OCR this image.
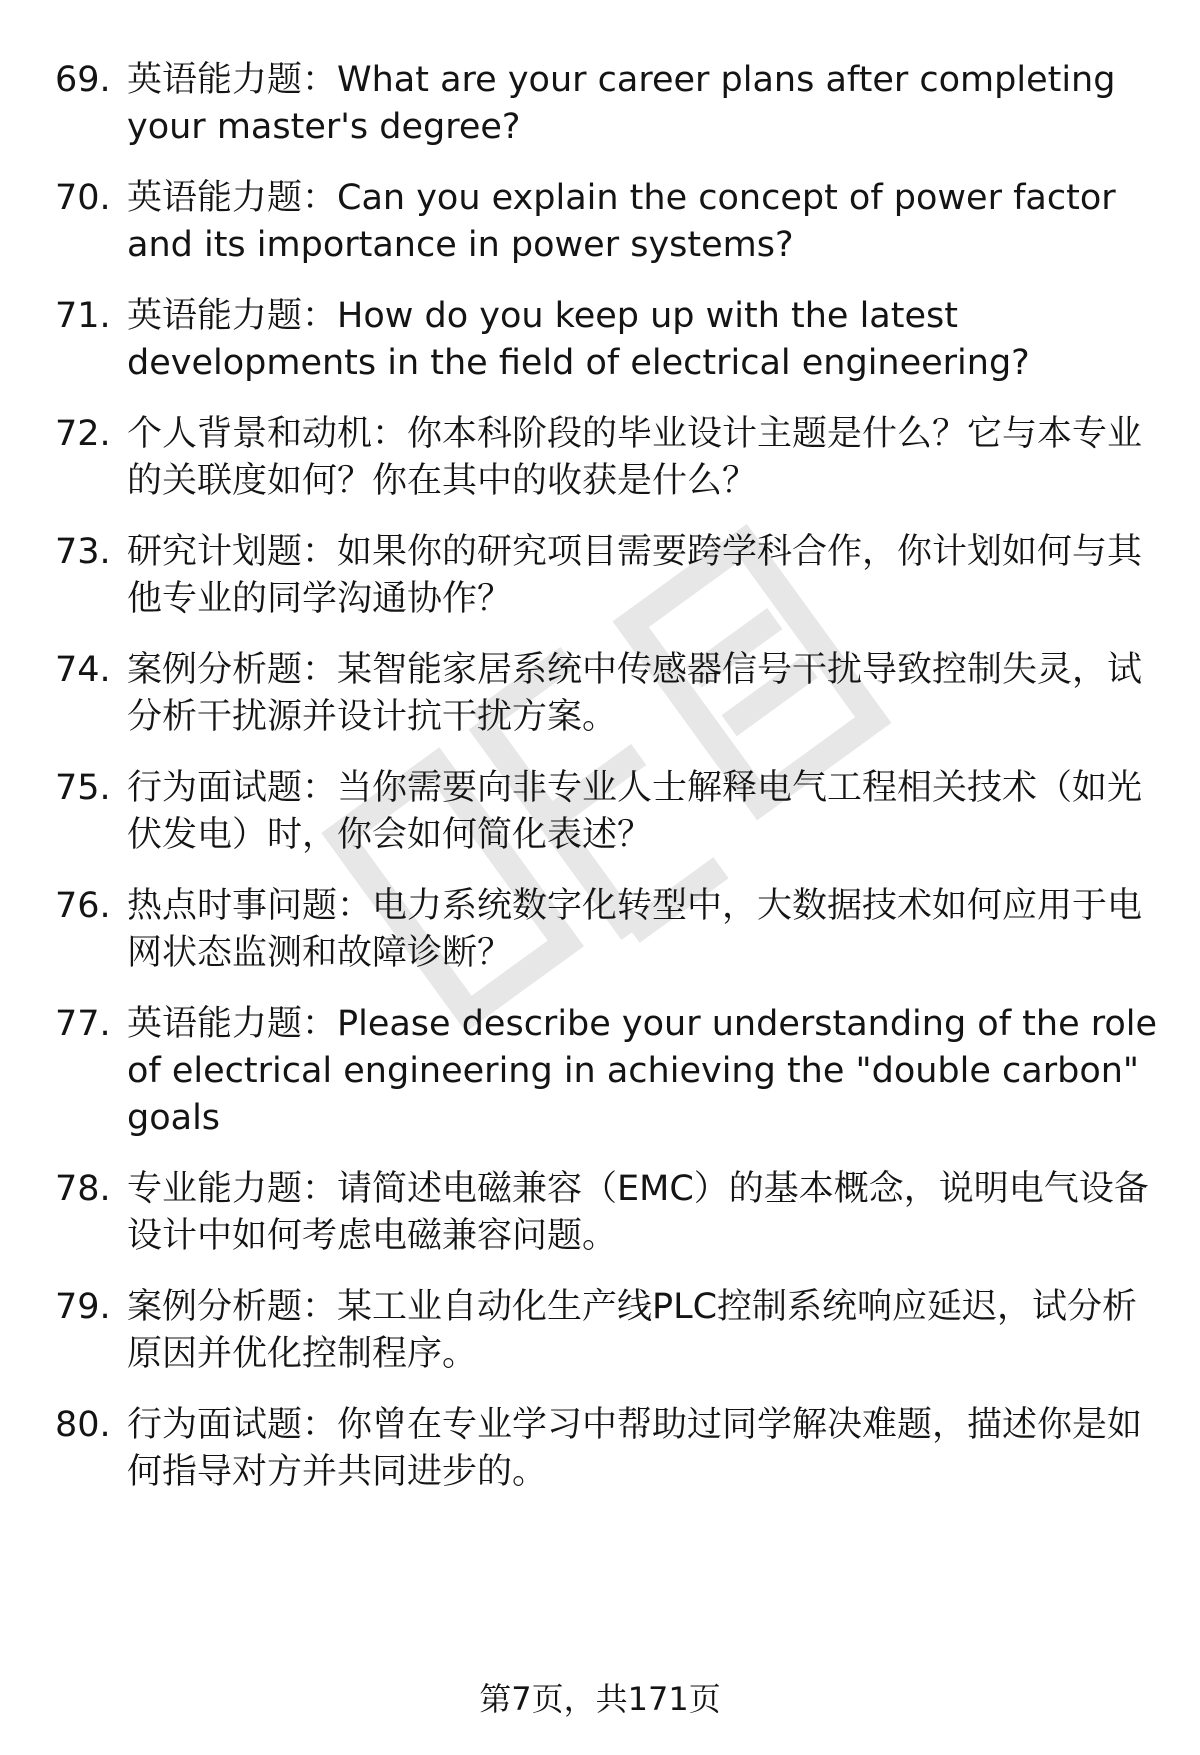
69. 英语能力题：What are your career plans after completing your master's degree?
70. 英语能力题：Can you explain the concept of power factor and its importance in power systems?
71. 英语能力题：How do you keep up with the latest developments in the field of electrical engineering?
72. 个人背景和动机：你本科阶段的毕业设计主题是什么？它与本专业的关联度如何？你在其中的收获是什么？
73. 研究计划题：如果你的研究项目需要跨学科合作，你计划如何与其他专业的同学沟通协作？
74. 案例分析题：某智能家居系统中传感器信号干扰导致控制失灵，试分析干扰源并设计抗干扰方案。
75. 行为面试题：当你需要向非专业人士解释电气工程相关技术（如光伏发电）时，你会如何简化表述？
76. 热点时事问题：电力系统数字化转型中，大数据技术如何应用于电网状态监测和故障诊断？
77. 英语能力题：Please describe your understanding of the role of electrical engineering in achieving the "double carbon" goals
78. 专业能力题：请简述电磁兼容（EMC）的基本概念，说明电气设备设计中如何考虑电磁兼容问题。
79. 案例分析题：某工业自动化生产线PLC控制系统响应延迟，试分析原因并优化控制程序。
80. 行为面试题：你曾在专业学习中帮助过同学解决难题，描述你是如何指导对方并共同进步的。
第7页，共171页
